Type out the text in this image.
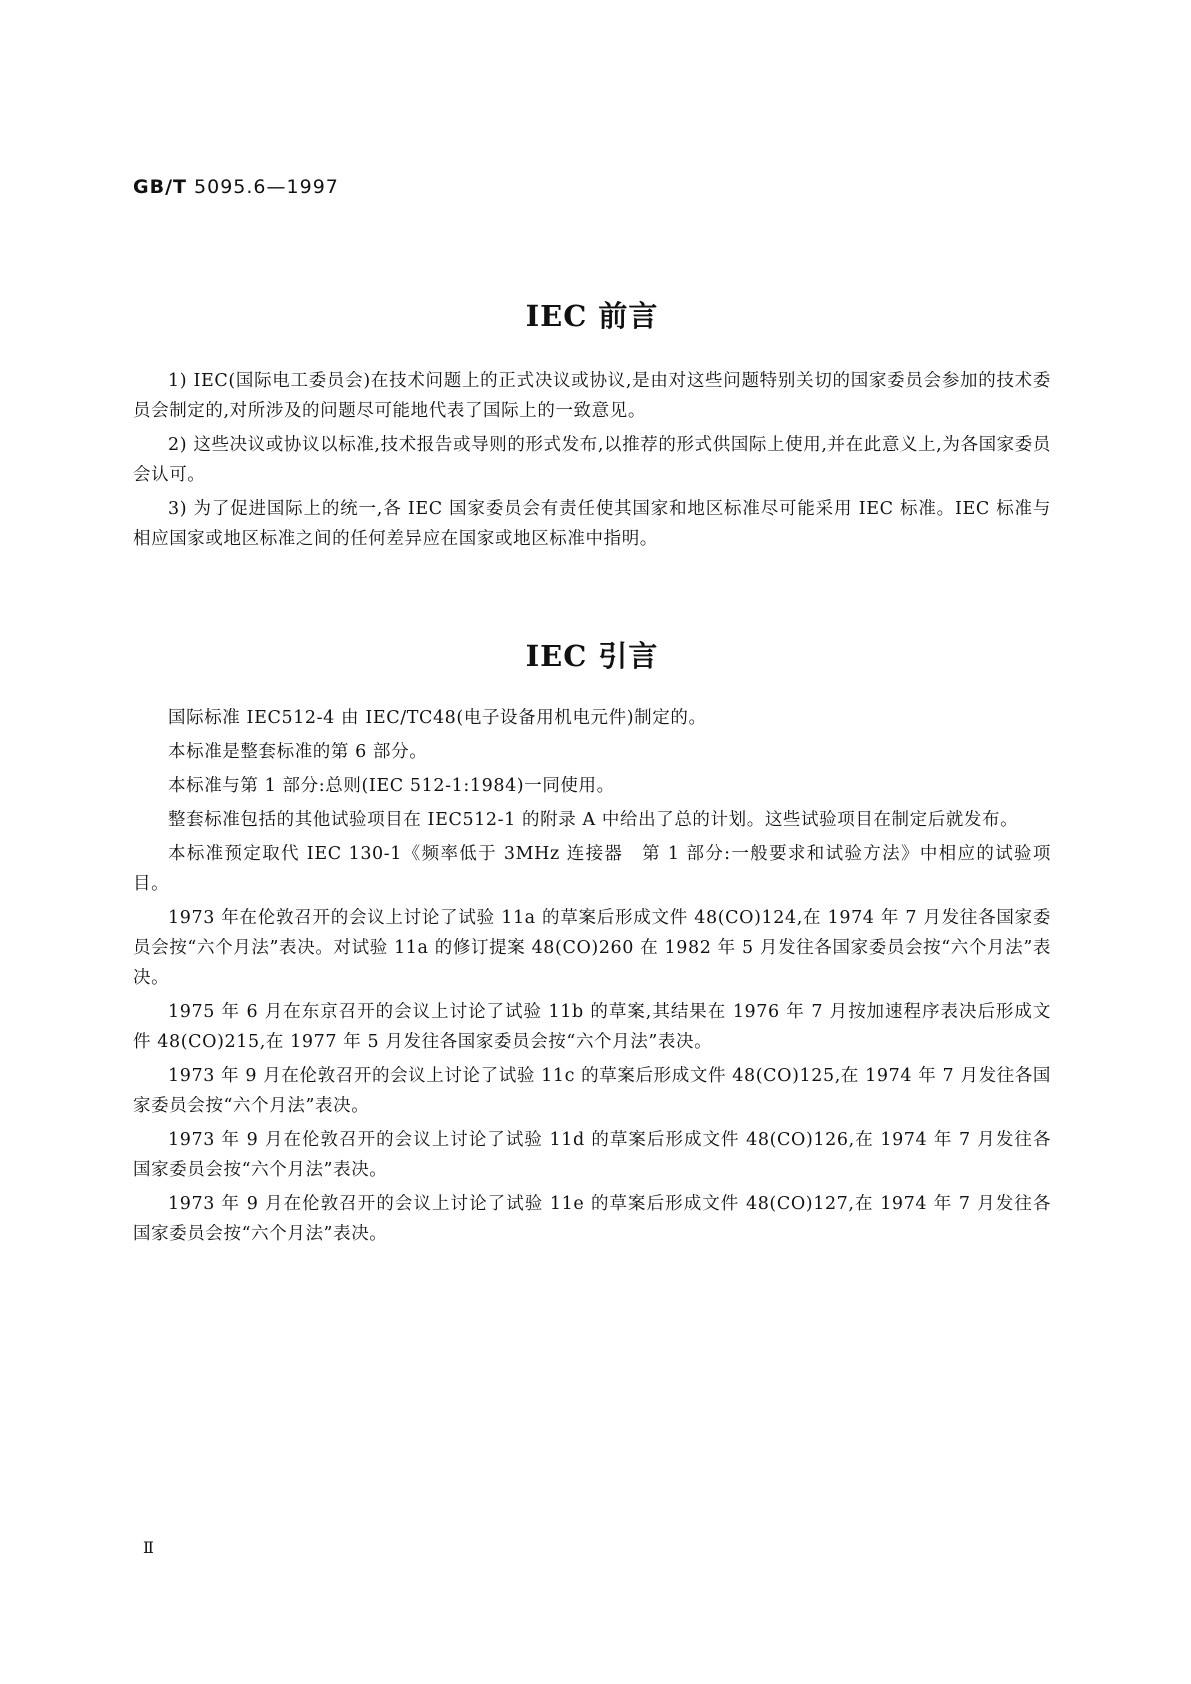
GB/T 5095.6—1997

IEC 前言

1) IEC(国际电工委员会)在技术问题上的正式决议或协议,是由对这些问题特别关切的国家委员会参加的技术委员会制定的,对所涉及的问题尽可能地代表了国际上的一致意见。

2) 这些决议或协议以标准,技术报告或导则的形式发布,以推荐的形式供国际上使用,并在此意义上,为各国家委员会认可。

3) 为了促进国际上的统一,各 IEC 国家委员会有责任使其国家和地区标准尽可能采用 IEC 标准。IEC 标准与相应国家或地区标准之间的任何差异应在国家或地区标准中指明。

IEC 引言

国际标准 IEC512-4 由 IEC/TC48(电子设备用机电元件)制定的。

本标准是整套标准的第 6 部分。

本标准与第 1 部分:总则(IEC 512-1:1984)一同使用。

整套标准包括的其他试验项目在 IEC512-1 的附录 A 中给出了总的计划。这些试验项目在制定后就发布。

本标准预定取代 IEC 130-1《频率低于 3MHz 连接器　第 1 部分:一般要求和试验方法》中相应的试验项目。

1973 年在伦敦召开的会议上讨论了试验 11a 的草案后形成文件 48(CO)124,在 1974 年 7 月发往各国家委员会按“六个月法”表决。对试验 11a 的修订提案 48(CO)260 在 1982 年 5 月发往各国家委员会按“六个月法”表决。

1975 年 6 月在东京召开的会议上讨论了试验 11b 的草案,其结果在 1976 年 7 月按加速程序表决后形成文件 48(CO)215,在 1977 年 5 月发往各国家委员会按“六个月法”表决。

1973 年 9 月在伦敦召开的会议上讨论了试验 11c 的草案后形成文件 48(CO)125,在 1974 年 7 月发往各国家委员会按“六个月法”表决。

1973 年 9 月在伦敦召开的会议上讨论了试验 11d 的草案后形成文件 48(CO)126,在 1974 年 7 月发往各国家委员会按“六个月法”表决。

1973 年 9 月在伦敦召开的会议上讨论了试验 11e 的草案后形成文件 48(CO)127,在 1974 年 7 月发往各国家委员会按“六个月法”表决。

Ⅱ
